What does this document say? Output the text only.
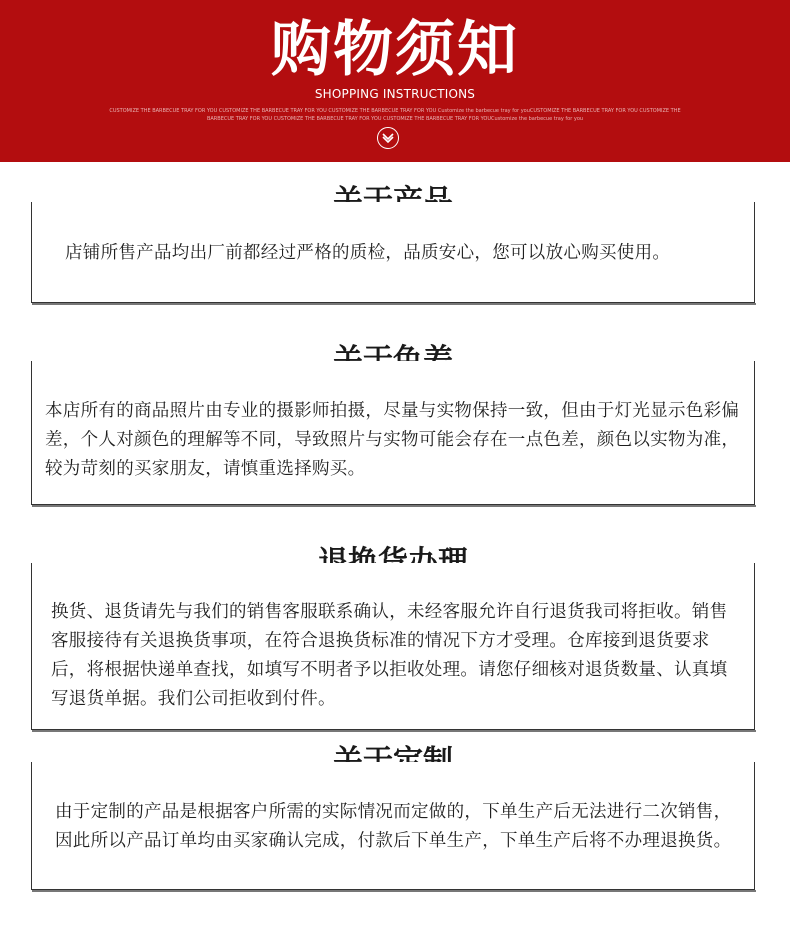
购物须知
SHOPPING INSTRUCTIONS
CUSTOMIZE THE BARBECUE TRAY FOR YOU CUSTOMIZE THE BARBECUE TRAY FOR YOU CUSTOMIZE THE BARBECUE TRAY FOR YOU Customize the barbecue tray for youCUSTOMIZE THE BARBECUE TRAY FOR YOU CUSTOMIZE THE BARBECUE TRAY FOR YOU CUSTOMIZE THE BARBECUE TRAY FOR YOU CUSTOMIZE THE BARBECUE TRAY FOR YOUCustomize the barbecue tray for you
店铺所售产品均出厂前都经过严格的质检，品质安心，您可以放心购买使用。
本店所有的商品照片由专业的摄影师拍摄，尽量与实物保持一致，但由于灯光显示色彩偏差，个人对颜色的理解等不同，导致照片与实物可能会存在一点色差，颜色以实物为准，较为苛刻的买家朋友，请慎重选择购买。
换货、退货请先与我们的销售客服联系确认，未经客服允许自行退货我司将拒收。销售客服接待有关退换货事项，在符合退换货标准的情况下方才受理。仓库接到退货要求后，将根据快递单查找，如填写不明者予以拒收处理。请您仔细核对退货数量、认真填写退货单据。我们公司拒收到付件。
由于定制的产品是根据客户所需的实际情况而定做的，下单生产后无法进行二次销售，因此所以产品订单均由买家确认完成，付款后下单生产，下单生产后将不办理退换货。
